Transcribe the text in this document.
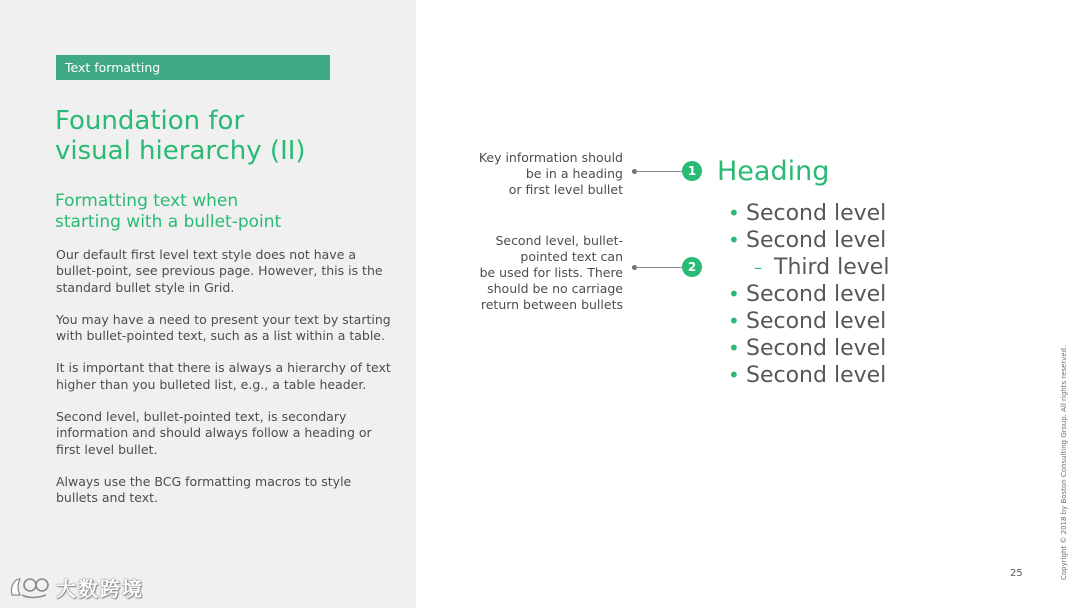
Text formatting
Foundation for
visual hierarchy (II)
Formatting text when
starting with a bullet-point

Our default first level text style does not have a bullet-point, see previous page. However, this is the standard bullet style in Grid.

You may have a need to present your text by starting with bullet-pointed text, such as a list within a table.

It is important that there is always a hierarchy of text higher than you bulleted list, e.g., a table header.

Second level, bullet-pointed text, is secondary information and should always follow a heading or first level bullet.

Always use the BCG formatting macros to style bullets and text.

大数跨境
Key information should
be in a heading
or first level bullet
1
Second level, bullet-
pointed text can
be used for lists. There
should be no carriage
return between bullets
2
Heading
• Second level
• Second level
– Third level
• Second level
• Second level
• Second level
• Second level	Copyright © 2018 by Boston Consulting Group. All rights reserved.
25
